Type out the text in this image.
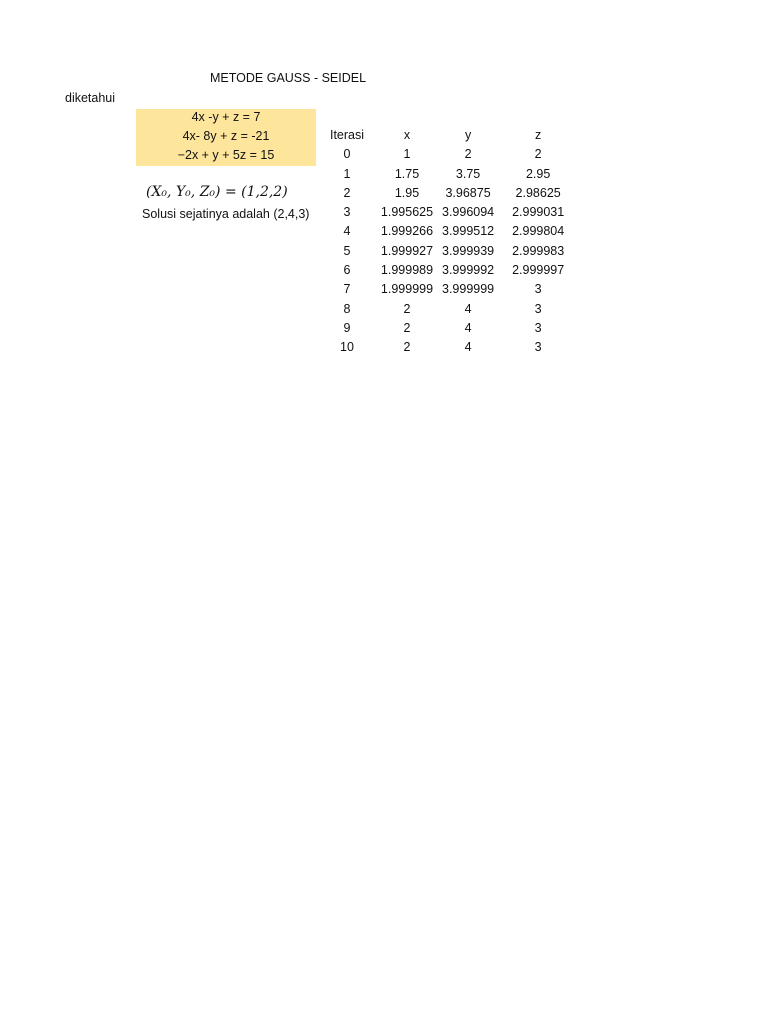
METODE GAUSS - SEIDEL
diketahui
4x -y + z = 7
4x- 8y + z = -21
−2x + y + 5z = 15
(X₀, Y₀, Z₀) = (1,2,2)
Solusi sejatinya adalah (2,4,3)
Iterasi	x	y	z
0	1	2	2
1	1.75	3.75	2.95
2	1.95	3.96875	2.98625
3	1.995625	3.996094	2.999031
4	1.999266	3.999512	2.999804
5	1.999927	3.999939	2.999983
6	1.999989	3.999992	2.999997
7	1.999999	3.999999	3
8	2	4	3
9	2	4	3
10	2	4	3
